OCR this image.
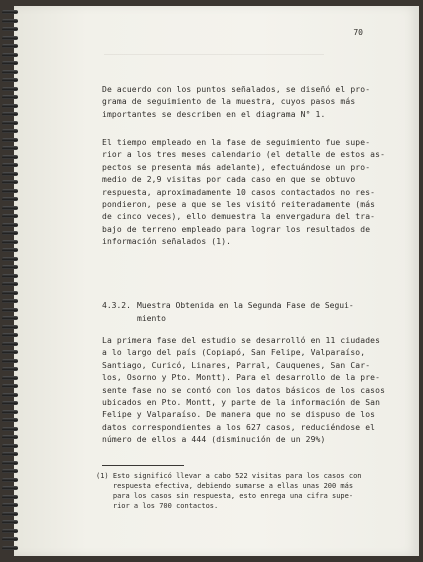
70
De acuerdo con los puntos señalados, se diseñó el pro-
grama de seguimiento de la muestra, cuyos pasos más
importantes se describen en el diagrama N° 1.
El tiempo empleado en la fase de seguimiento fue supe-
rior a los tres meses calendario (el detalle de estos as-
pectos se presenta más adelante), efectuándose un pro-
medio de 2,9 visitas por cada caso en que se obtuvo
respuesta, aproximadamente 10 casos contactados no res-
pondieron, pese a que se les visitó reiteradamente (más
de cinco veces), ello demuestra la envergadura del tra-
bajo de terreno empleado para lograr los resultados de
información señalados (1).
4.3.2. Muestra Obtenida en la Segunda Fase de Segui-
miento
La primera fase del estudio se desarrolló en 11 ciudades
a lo largo del país (Copiapó, San Felipe, Valparaíso,
Santiago, Curicó, Linares, Parral, Cauquenes, San Car-
los, Osorno y Pto. Montt). Para el desarrollo de la pre-
sente fase no se contó con los datos básicos de los casos
ubicados en Pto. Montt, y parte de la información de San
Felipe y Valparaíso. De manera que no se dispuso de los
datos correspondientes a los 627 casos, reduciéndose el
número de ellos a 444 (disminución de un 29%)
(1) Esto significó llevar a cabo 522 visitas para los casos con
respuesta efectiva, debiendo sumarse a ellas unas 200 más
para los casos sin respuesta, esto enrega una cifra supe-
rior a los 700 contactos.
